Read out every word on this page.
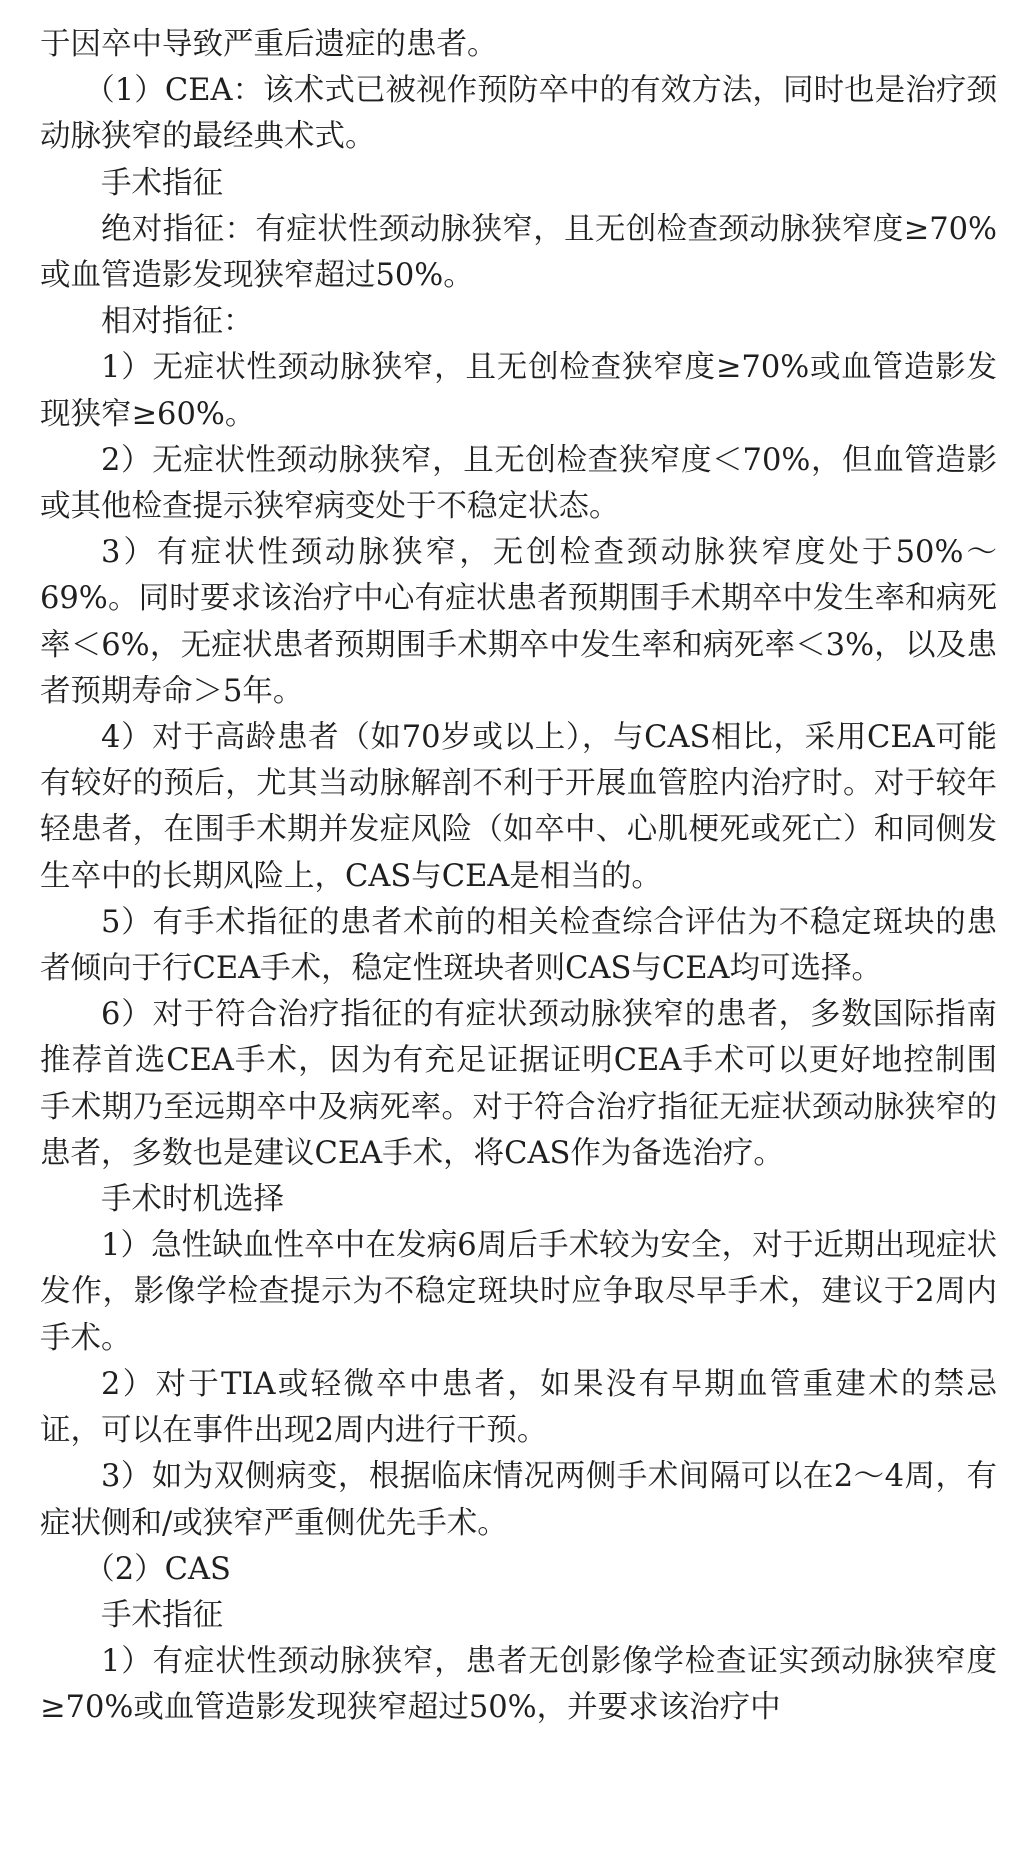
于因卒中导致严重后遗症的患者。

（1）CEA：该术式已被视作预防卒中的有效方法，同时也是治疗颈动脉狭窄的最经典术式。

手术指征

绝对指征：有症状性颈动脉狭窄，且无创检查颈动脉狭窄度≥70%或血管造影发现狭窄超过50%。

相对指征：

1）无症状性颈动脉狭窄，且无创检查狭窄度≥70%或血管造影发现狭窄≥60%。

2）无症状性颈动脉狭窄，且无创检查狭窄度＜70%，但血管造影或其他检查提示狭窄病变处于不稳定状态。

3）有症状性颈动脉狭窄，无创检查颈动脉狭窄度处于50%～69%。同时要求该治疗中心有症状患者预期围手术期卒中发生率和病死率＜6%，无症状患者预期围手术期卒中发生率和病死率＜3%，以及患者预期寿命＞5年。

4）对于高龄患者（如70岁或以上），与CAS相比，采用CEA可能有较好的预后，尤其当动脉解剖不利于开展血管腔内治疗时。对于较年轻患者，在围手术期并发症风险（如卒中、心肌梗死或死亡）和同侧发生卒中的长期风险上，CAS与CEA是相当的。

5）有手术指征的患者术前的相关检查综合评估为不稳定斑块的患者倾向于行CEA手术，稳定性斑块者则CAS与CEA均可选择。

6）对于符合治疗指征的有症状颈动脉狭窄的患者，多数国际指南推荐首选CEA手术，因为有充足证据证明CEA手术可以更好地控制围手术期乃至远期卒中及病死率。对于符合治疗指征无症状颈动脉狭窄的患者，多数也是建议CEA手术，将CAS作为备选治疗。

手术时机选择

1）急性缺血性卒中在发病6周后手术较为安全，对于近期出现症状发作，影像学检查提示为不稳定斑块时应争取尽早手术，建议于2周内手术。

2）对于TIA或轻微卒中患者，如果没有早期血管重建术的禁忌证，可以在事件出现2周内进行干预。

3）如为双侧病变，根据临床情况两侧手术间隔可以在2～4周，有症状侧和/或狭窄严重侧优先手术。

（2）CAS

手术指征

1）有症状性颈动脉狭窄，患者无创影像学检查证实颈动脉狭窄度≥70%或血管造影发现狭窄超过50%，并要求该治疗中
